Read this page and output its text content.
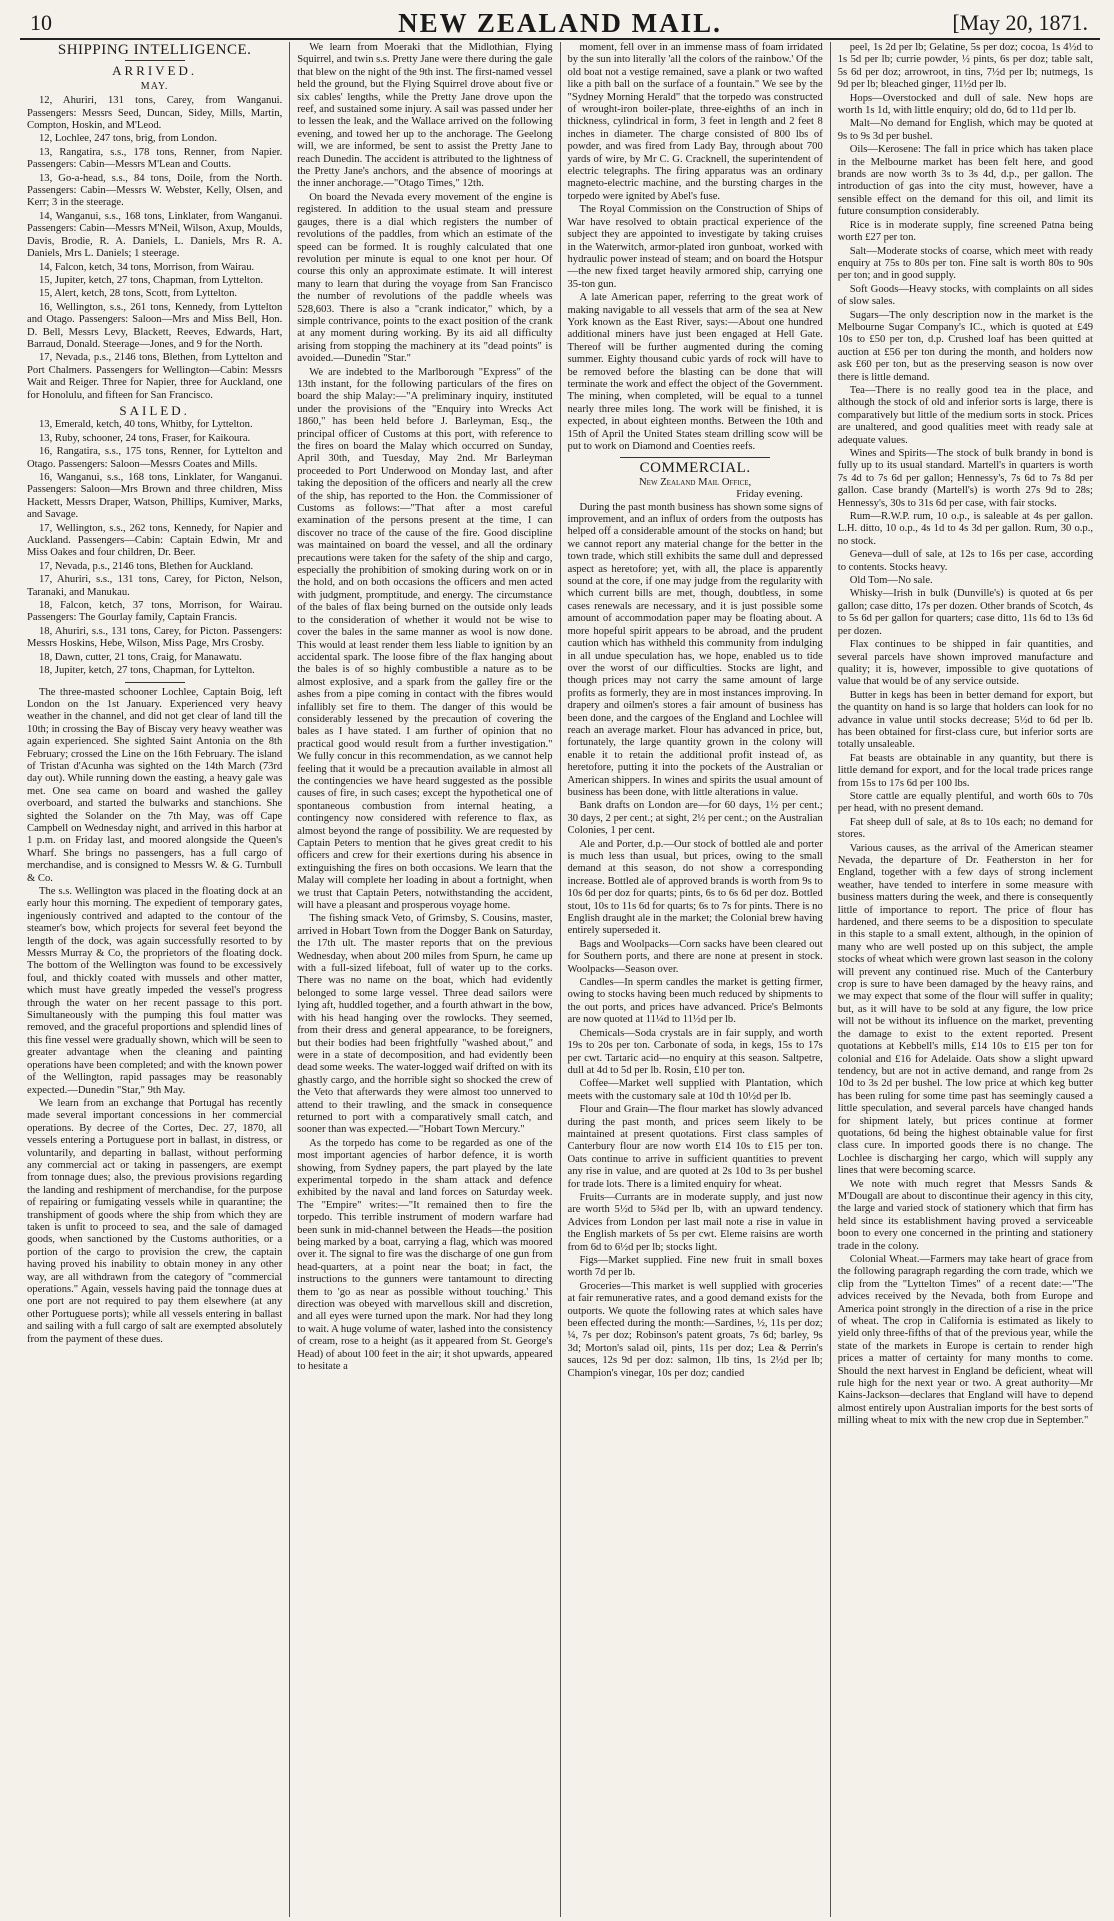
10	NEW ZEALAND MAIL.	[May 20, 1871.
SHIPPING INTELLIGENCE.
ARRIVED.
MAY.

12, Ahuriri, 131 tons, Carey, from Wanganui. Passengers: Messrs Seed, Duncan, Sidey, Mills, Martin, Compton, Hoskin, and M'Leod.

12, Lochlee, 247 tons, brig, from London.

13, Rangatira, s.s., 178 tons, Renner, from Napier. Passengers: Cabin—Messrs M'Lean and Coutts.

13, Go-a-head, s.s., 84 tons, Doile, from the North. Passengers: Cabin—Messrs W. Webster, Kelly, Olsen, and Kerr; 3 in the steerage.

14, Wanganui, s.s., 168 tons, Linklater, from Wanganui. Passengers: Cabin—Messrs M'Neil, Wilson, Axup, Moulds, Davis, Brodie, R. A. Daniels, L. Daniels, Mrs R. A. Daniels, Mrs L. Daniels; 1 steerage.

14, Falcon, ketch, 34 tons, Morrison, from Wairau.

15, Jupiter, ketch, 27 tons, Chapman, from Lyttelton.

15, Alert, ketch, 28 tons, Scott, from Lyttelton.

16, Wellington, s.s., 261 tons, Kennedy, from Lyttelton and Otago. Passengers: Saloon—Mrs and Miss Bell, Hon. D. Bell, Messrs Levy, Blackett, Reeves, Edwards, Hart, Barraud, Donald. Steerage—Jones, and 9 for the North.

17, Nevada, p.s., 2146 tons, Blethen, from Lyttelton and Port Chalmers. Passengers for Wellington—Cabin: Messrs Wait and Reiger. Three for Napier, three for Auckland, one for Honolulu, and fifteen for San Francisco.

SAILED.

13, Emerald, ketch, 40 tons, Whitby, for Lyttelton.

13, Ruby, schooner, 24 tons, Fraser, for Kaikoura.

16, Rangatira, s.s., 175 tons, Renner, for Lyttelton and Otago. Passengers: Saloon—Messrs Coates and Mills.

16, Wanganui, s.s., 168 tons, Linklater, for Wanganui. Passengers: Saloon—Mrs Brown and three children, Miss Hackett, Messrs Draper, Watson, Phillips, Kumiver, Marks, and Savage.

17, Wellington, s.s., 262 tons, Kennedy, for Napier and Auckland. Passengers—Cabin: Captain Edwin, Mr and Miss Oakes and four children, Dr. Beer.

17, Nevada, p.s., 2146 tons, Blethen for Auckland.

17, Ahuriri, s.s., 131 tons, Carey, for Picton, Nelson, Taranaki, and Manukau.

18, Falcon, ketch, 37 tons, Morrison, for Wairau. Passengers: The Gourlay family, Captain Francis.

18, Ahuriri, s.s., 131 tons, Carey, for Picton. Passengers: Messrs Hoskins, Hebe, Wilson, Miss Page, Mrs Crosby.

18, Dawn, cutter, 21 tons, Craig, for Manawatu.

18, Jupiter, ketch, 27 tons, Chapman, for Lyttelton.

The three-masted schooner Lochlee, Captain Boig, left London on the 1st January. Experienced very heavy weather in the channel, and did not get clear of land till the 10th; in crossing the Bay of Biscay very heavy weather was again experienced. She sighted Saint Antonia on the 8th February; crossed the Line on the 16th February. The island of Tristan d'Acunha was sighted on the 14th March (73rd day out). While running down the easting, a heavy gale was met. One sea came on board and washed the galley overboard, and started the bulwarks and stanchions. She sighted the Solander on the 7th May, was off Cape Campbell on Wednesday night, and arrived in this harbor at 1 p.m. on Friday last, and moored alongside the Queen's Wharf. She brings no passengers, has a full cargo of merchandise, and is consigned to Messrs W. & G. Turnbull & Co.

The s.s. Wellington was placed in the floating dock at an early hour this morning. The expedient of temporary gates, ingeniously contrived and adapted to the contour of the steamer's bow, which projects for several feet beyond the length of the dock, was again successfully resorted to by Messrs Murray & Co, the proprietors of the floating dock. The bottom of the Wellington was found to be excessively foul, and thickly coated with mussels and other matter, which must have greatly impeded the vessel's progress through the water on her recent passage to this port. Simultaneously with the pumping this foul matter was removed, and the graceful proportions and splendid lines of this fine vessel were gradually shown, which will be seen to greater advantage when the cleaning and painting operations have been completed; and with the known power of the Wellington, rapid passages may be reasonably expected.—Dunedin "Star," 9th May.

We learn from an exchange that Portugal has recently made several important concessions in her commercial operations. By decree of the Cortes, Dec. 27, 1870, all vessels entering a Portuguese port in ballast, in distress, or voluntarily, and departing in ballast, without performing any commercial act or taking in passengers, are exempt from tonnage dues; also, the previous provisions regarding the landing and reshipment of merchandise, for the purpose of repairing or fumigating vessels while in quarantine; the transhipment of goods where the ship from which they are taken is unfit to proceed to sea, and the sale of damaged goods, when sanctioned by the Customs authorities, or a portion of the cargo to provision the crew, the captain having proved his inability to obtain money in any other way, are all withdrawn from the category of "commercial operations." Again, vessels having paid the tonnage dues at one port are not required to pay them elsewhere (at any other Portuguese ports); while all vessels entering in ballast and sailing with a full cargo of salt are exempted absolutely from the payment of these dues.

We learn from Moeraki that the Midlothian, Flying Squirrel, and twin s.s. Pretty Jane were there during the gale that blew on the night of the 9th inst. The first-named vessel held the ground, but the Flying Squirrel drove about five or six cables' lengths, while the Pretty Jane drove upon the reef, and sustained some injury. A sail was passed under her to lessen the leak, and the Wallace arrived on the following evening, and towed her up to the anchorage. The Geelong will, we are informed, be sent to assist the Pretty Jane to reach Dunedin. The accident is attributed to the lightness of the Pretty Jane's anchors, and the absence of moorings at the inner anchorage.—"Otago Times," 12th.

On board the Nevada every movement of the engine is registered. In addition to the usual steam and pressure gauges, there is a dial which registers the number of revolutions of the paddles, from which an estimate of the speed can be formed. It is roughly calculated that one revolution per minute is equal to one knot per hour. Of course this only an approximate estimate. It will interest many to learn that during the voyage from San Francisco the number of revolutions of the paddle wheels was 528,603. There is also a "crank indicator," which, by a simple contrivance, points to the exact position of the crank at any moment during working. By its aid all difficulty arising from stopping the machinery at its "dead points" is avoided.—Dunedin "Star."

We are indebted to the Marlborough "Express" of the 13th instant, for the following particulars of the fires on board the ship Malay:—"A preliminary inquiry, instituted under the provisions of the "Enquiry into Wrecks Act 1860," has been held before J. Barleyman, Esq., the principal officer of Customs at this port, with reference to the fires on board the Malay which occurred on Sunday, April 30th, and Tuesday, May 2nd. Mr Barleyman proceeded to Port Underwood on Monday last, and after taking the deposition of the officers and nearly all the crew of the ship, has reported to the Hon. the Commissioner of Customs as follows:—"That after a most careful examination of the persons present at the time, I can discover no trace of the cause of the fire. Good discipline was maintained on board the vessel, and all the ordinary precautions were taken for the safety of the ship and cargo, especially the prohibition of smoking during work on or in the hold, and on both occasions the officers and men acted with judgment, promptitude, and energy. The circumstance of the bales of flax being burned on the outside only leads to the consideration of whether it would not be wise to cover the bales in the same manner as wool is now done. This would at least render them less liable to ignition by an accidental spark. The loose fibre of the flax hanging about the bales is of so highly combustible a nature as to be almost explosive, and a spark from the galley fire or the ashes from a pipe coming in contact with the fibres would infallibly set fire to them. The danger of this would be considerably lessened by the precaution of covering the bales as I have stated. I am further of opinion that no practical good would result from a further investigation." We fully concur in this recommendation, as we cannot help feeling that it would be a precaution available in almost all the contingencies we have heard suggested as the possible causes of fire, in such cases; except the hypothetical one of spontaneous combustion from internal heating, a contingency now considered with reference to flax, as almost beyond the range of possibility. We are requested by Captain Peters to mention that he gives great credit to his officers and crew for their exertions during his absence in extinguishing the fires on both occasions. We learn that the Malay will complete her loading in about a fortnight, when we trust that Captain Peters, notwithstanding the accident, will have a pleasant and prosperous voyage home.

The fishing smack Veto, of Grimsby, S. Cousins, master, arrived in Hobart Town from the Dogger Bank on Saturday, the 17th ult. The master reports that on the previous Wednesday, when about 200 miles from Spurn, he came up with a full-sized lifeboat, full of water up to the corks. There was no name on the boat, which had evidently belonged to some large vessel. Three dead sailors were lying aft, huddled together, and a fourth athwart in the bow, with his head hanging over the rowlocks. They seemed, from their dress and general appearance, to be foreigners, but their bodies had been frightfully "washed about," and were in a state of decomposition, and had evidently been dead some weeks. The water-logged waif drifted on with its ghastly cargo, and the horrible sight so shocked the crew of the Veto that afterwards they were almost too unnerved to attend to their trawling, and the smack in consequence returned to port with a comparatively small catch, and sooner than was expected.—"Hobart Town Mercury."

As the torpedo has come to be regarded as one of the most important agencies of harbor defence, it is worth showing, from Sydney papers, the part played by the late experimental torpedo in the sham attack and defence exhibited by the naval and land forces on Saturday week. The "Empire" writes:—"It remained then to fire the torpedo. This terrible instrument of modern warfare had been sunk in mid-channel between the Heads—the position being marked by a boat, carrying a flag, which was moored over it. The signal to fire was the discharge of one gun from head-quarters, at a point near the boat; in fact, the instructions to the gunners were tantamount to directing them to 'go as near as possible without touching.' This direction was obeyed with marvellous skill and discretion, and all eyes were turned upon the mark. Nor had they long to wait. A huge volume of water, lashed into the consistency of cream, rose to a height (as it appeared from St. George's Head) of about 100 feet in the air; it shot upwards, appeared to hesitate a

moment, fell over in an immense mass of foam irridated by the sun into literally 'all the colors of the rainbow.' Of the old boat not a vestige remained, save a plank or two wafted like a pith ball on the surface of a fountain." We see by the "Sydney Morning Herald" that the torpedo was constructed of wrought-iron boiler-plate, three-eighths of an inch in thickness, cylindrical in form, 3 feet in length and 2 feet 8 inches in diameter. The charge consisted of 800 lbs of powder, and was fired from Lady Bay, through about 700 yards of wire, by Mr C. G. Cracknell, the superintendent of electric telegraphs. The firing apparatus was an ordinary magneto-electric machine, and the bursting charges in the torpedo were ignited by Abel's fuse.

The Royal Commission on the Construction of Ships of War have resolved to obtain practical experience of the subject they are appointed to investigate by taking cruises in the Waterwitch, armor-plated iron gunboat, worked with hydraulic power instead of steam; and on board the Hotspur—the new fixed target heavily armored ship, carrying one 35-ton gun.

A late American paper, referring to the great work of making navigable to all vessels that arm of the sea at New York known as the East River, says:—About one hundred additional miners have just been engaged at Hell Gate. Thereof will be further augmented during the coming summer. Eighty thousand cubic yards of rock will have to be removed before the blasting can be done that will terminate the work and effect the object of the Government. The mining, when completed, will be equal to a tunnel nearly three miles long. The work will be finished, it is expected, in about eighteen months. Between the 10th and 15th of April the United States steam drilling scow will be put to work on Diamond and Coenties reefs.

COMMERCIAL.
New Zealand Mail Office,
Friday evening.

During the past month business has shown some signs of improvement, and an influx of orders from the outposts has helped off a considerable amount of the stocks on hand; but we cannot report any material change for the better in the town trade, which still exhibits the same dull and depressed aspect as heretofore; yet, with all, the place is apparently sound at the core, if one may judge from the regularity with which current bills are met, though, doubtless, in some cases renewals are necessary, and it is just possible some amount of accommodation paper may be floating about. A more hopeful spirit appears to be abroad, and the prudent caution which has withheld this community from indulging in all undue speculation has, we hope, enabled us to tide over the worst of our difficulties. Stocks are light, and though prices may not carry the same amount of large profits as formerly, they are in most instances improving. In drapery and oilmen's stores a fair amount of business has been done, and the cargoes of the England and Lochlee will reach an average market. Flour has advanced in price, but, fortunately, the large quantity grown in the colony will enable it to retain the additional profit instead of, as heretofore, putting it into the pockets of the Australian or American shippers. In wines and spirits the usual amount of business has been done, with little alterations in value.

Bank drafts on London are—for 60 days, 1½ per cent.; 30 days, 2 per cent.; at sight, 2½ per cent.; on the Australian Colonies, 1 per cent.

Ale and Porter, d.p.—Our stock of bottled ale and porter is much less than usual, but prices, owing to the small demand at this season, do not show a corresponding increase. Bottled ale of approved brands is worth from 9s to 10s 6d per doz for quarts; pints, 6s to 6s 6d per doz. Bottled stout, 10s to 11s 6d for quarts; 6s to 7s for pints. There is no English draught ale in the market; the Colonial brew having entirely superseded it.

Bags and Woolpacks—Corn sacks have been cleared out for Southern ports, and there are none at present in stock. Woolpacks—Season over.

Candles—In sperm candles the market is getting firmer, owing to stocks having been much reduced by shipments to the out ports, and prices have advanced. Price's Belmonts are now quoted at 11¼d to 11½d per lb.

Chemicals—Soda crystals are in fair supply, and worth 19s to 20s per ton. Carbonate of soda, in kegs, 15s to 17s per cwt. Tartaric acid—no enquiry at this season. Saltpetre, dull at 4d to 5d per lb. Rosin, £10 per ton.

Coffee—Market well supplied with Plantation, which meets with the customary sale at 10d th 10½d per lb.

Flour and Grain—The flour market has slowly advanced during the past month, and prices seem likely to be maintained at present quotations. First class samples of Canterbury flour are now worth £14 10s to £15 per ton. Oats continue to arrive in sufficient quantities to prevent any rise in value, and are quoted at 2s 10d to 3s per bushel for trade lots. There is a limited enquiry for wheat.

Fruits—Currants are in moderate supply, and just now are worth 5½d to 5¾d per lb, with an upward tendency. Advices from London per last mail note a rise in value in the English markets of 5s per cwt. Eleme raisins are worth from 6d to 6½d per lb; stocks light.

Figs—Market supplied. Fine new fruit in small boxes worth 7d per lb.

Groceries—This market is well supplied with groceries at fair remunerative rates, and a good demand exists for the outports. We quote the following rates at which sales have been effected during the month:—Sardines, ½, 11s per doz; ¼, 7s per doz; Robinson's patent groats, 7s 6d; barley, 9s 3d; Morton's salad oil, pints, 11s per doz; Lea & Perrin's sauces, 12s 9d per doz: salmon, 1lb tins, 1s 2½d per lb; Champion's vinegar, 10s per doz; candied

peel, 1s 2d per lb; Gelatine, 5s per doz; cocoa, 1s 4½d to 1s 5d per lb; currie powder, ½ pints, 6s per doz; table salt, 5s 6d per doz; arrowroot, in tins, 7½d per lb; nutmegs, 1s 9d per lb; bleached ginger, 11½d per lb.

Hops—Overstocked and dull of sale. New hops are worth 1s 1d, with little enquiry; old do, 6d to 11d per lb.

Malt—No demand for English, which may be quoted at 9s to 9s 3d per bushel.

Oils—Kerosene: The fall in price which has taken place in the Melbourne market has been felt here, and good brands are now worth 3s to 3s 4d, d.p., per gallon. The introduction of gas into the city must, however, have a sensible effect on the demand for this oil, and limit its future consumption considerably.

Rice is in moderate supply, fine screened Patna being worth £27 per ton.

Salt—Moderate stocks of coarse, which meet with ready enquiry at 75s to 80s per ton. Fine salt is worth 80s to 90s per ton; and in good supply.

Soft Goods—Heavy stocks, with complaints on all sides of slow sales.

Sugars—The only description now in the market is the Melbourne Sugar Company's IC., which is quoted at £49 10s to £50 per ton, d.p. Crushed loaf has been quitted at auction at £56 per ton during the month, and holders now ask £60 per ton, but as the preserving season is now over there is little demand.

Tea—There is no really good tea in the place, and although the stock of old and inferior sorts is large, there is comparatively but little of the medium sorts in stock. Prices are unaltered, and good qualities meet with ready sale at adequate values.

Wines and Spirits—The stock of bulk brandy in bond is fully up to its usual standard. Martell's in quarters is worth 7s 4d to 7s 6d per gallon; Hennessy's, 7s 6d to 7s 8d per gallon. Case brandy (Martell's) is worth 27s 9d to 28s; Hennessy's, 30s to 31s 6d per case, with fair stocks.

Rum—R.W.P. rum, 10 o.p., is saleable at 4s per gallon. L.H. ditto, 10 o.p., 4s 1d to 4s 3d per gallon. Rum, 30 o.p., no stock.

Geneva—dull of sale, at 12s to 16s per case, according to contents. Stocks heavy.

Old Tom—No sale.

Whisky—Irish in bulk (Dunville's) is quoted at 6s per gallon; case ditto, 17s per dozen. Other brands of Scotch, 4s to 5s 6d per gallon for quarters; case ditto, 11s 6d to 13s 6d per dozen.

Flax continues to be shipped in fair quantities, and several parcels have shown improved manufacture and quality; it is, however, impossible to give quotations of value that would be of any service outside.

Butter in kegs has been in better demand for export, but the quantity on hand is so large that holders can look for no advance in value until stocks decrease; 5½d to 6d per lb. has been obtained for first-class cure, but inferior sorts are totally unsaleable.

Fat beasts are obtainable in any quantity, but there is little demand for export, and for the local trade prices range from 15s to 17s 6d per 100 lbs.

Store cattle are equally plentiful, and worth 60s to 70s per head, with no present demand.

Fat sheep dull of sale, at 8s to 10s each; no demand for stores.

Various causes, as the arrival of the American steamer Nevada, the departure of Dr. Featherston in her for England, together with a few days of strong inclement weather, have tended to interfere in some measure with business matters during the week, and there is consequently little of importance to report. The price of flour has hardened, and there seems to be a disposition to speculate in this staple to a small extent, although, in the opinion of many who are well posted up on this subject, the ample stocks of wheat which were grown last season in the colony will prevent any continued rise. Much of the Canterbury crop is sure to have been damaged by the heavy rains, and we may expect that some of the flour will suffer in quality; but, as it will have to be sold at any figure, the low price will not be without its influence on the market, preventing the damage to exist to the extent reported. Present quotations at Kebbell's mills, £14 10s to £15 per ton for colonial and £16 for Adelaide. Oats show a slight upward tendency, but are not in active demand, and range from 2s 10d to 3s 2d per bushel. The low price at which keg butter has been ruling for some time past has seemingly caused a little speculation, and several parcels have changed hands for shipment lately, but prices continue at former quotations, 6d being the highest obtainable value for first class cure. In imported goods there is no change. The Lochlee is discharging her cargo, which will supply any lines that were becoming scarce.

We note with much regret that Messrs Sands & M'Dougall are about to discontinue their agency in this city, the large and varied stock of stationery which that firm has held since its establishment having proved a serviceable boon to every one concerned in the printing and stationery trade in the colony.

Colonial Wheat.—Farmers may take heart of grace from the following paragraph regarding the corn trade, which we clip from the "Lyttelton Times" of a recent date:—"The advices received by the Nevada, both from Europe and America point strongly in the direction of a rise in the price of wheat. The crop in California is estimated as likely to yield only three-fifths of that of the previous year, while the state of the markets in Europe is certain to render high prices a matter of certainty for many months to come. Should the next harvest in England be deficient, wheat will rule high for the next year or two. A great authority—Mr Kains-Jackson—declares that England will have to depend almost entirely upon Australian imports for the best sorts of milling wheat to mix with the new crop due in September."
